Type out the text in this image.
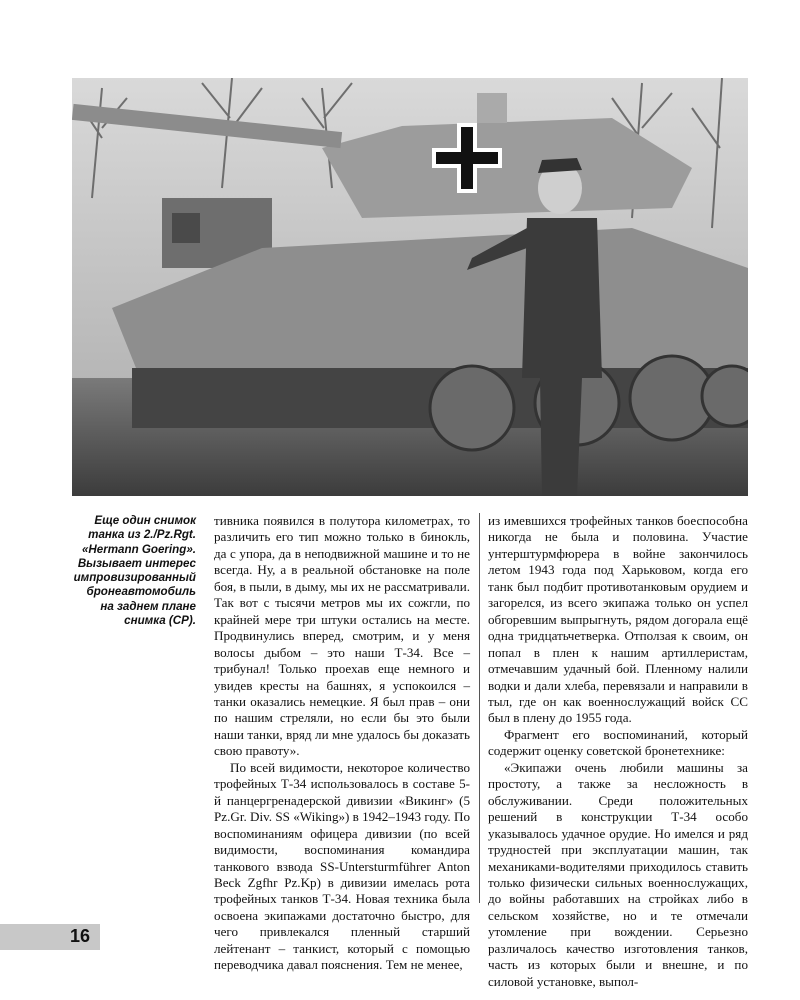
Еще один снимок

танка из 2./Pz.Rgt.

«Hermann Goering».

Вызывает интерес

импровизированный

бронеавтомобиль

на заднем плане

снимка (СР).

тивника появился в полутора километрах, то различить его тип можно только в бинокль, да с упора, да в неподвижной машине и то не всегда. Ну, а в реальной обстановке на поле боя, в пыли, в дыму, мы их не рассматривали. Так вот с тысячи метров мы их сожгли, по крайней мере три штуки остались на месте. Продвинулись вперед, смотрим, и у меня волосы дыбом – это наши Т-34. Все – трибунал! Только проехав еще немного и увидев кресты на башнях, я успокоился – танки оказались немецкие. Я был прав – они по нашим стреляли, но если бы это были наши танки, вряд ли мне удалось бы доказать свою правоту».

По всей видимости, некоторое количество трофейных Т-34 использовалось в составе 5-й панцергренадерской дивизии «Викинг» (5 Pz.Gr. Div. SS «Wiking») в 1942–1943 году. По воспоминаниям офицера дивизии (по всей видимости, воспоминания командира танкового взвода SS-Untersturmführer Anton Beck Zgfhr Pz.Kp) в дивизии имелась рота трофейных танков Т-34. Новая техника была освоена экипажами достаточно быстро, для чего привлекался пленный старший лейтенант – танкист, который с помощью переводчика давал пояснения. Тем не менее,

из имевшихся трофейных танков боеспособна никогда не была и половина. Участие унтерштурмфюрера в войне закончилось летом 1943 года под Харьковом, когда его танк был подбит противотанковым орудием и загорелся, из всего экипажа только он успел обгоревшим выпрыгнуть, рядом догорала ещё одна тридцатьчетверка. Отползая к своим, он попал в плен к нашим артиллеристам, отмечавшим удачный бой. Пленному налили водки и дали хлеба, перевязали и направили в тыл, где он как военнослужащий войск СС был в плену до 1955 года.

Фрагмент его воспоминаний, который содержит оценку советской бронетехнике:

«Экипажи очень любили машины за простоту, а также за несложность в обслуживании. Среди положительных решений в конструкции Т-34 особо указывалось удачное орудие. Но имелся и ряд трудностей при эксплуатации машин, так механиками-водителями приходилось ставить только физически сильных военнослужащих, до войны работавших на стройках либо в сельском хозяйстве, но и те отмечали утомление при вождении. Серьезно различалось качество изготовления танков, часть из которых были и внешне, и по силовой установке, выпол-

16
